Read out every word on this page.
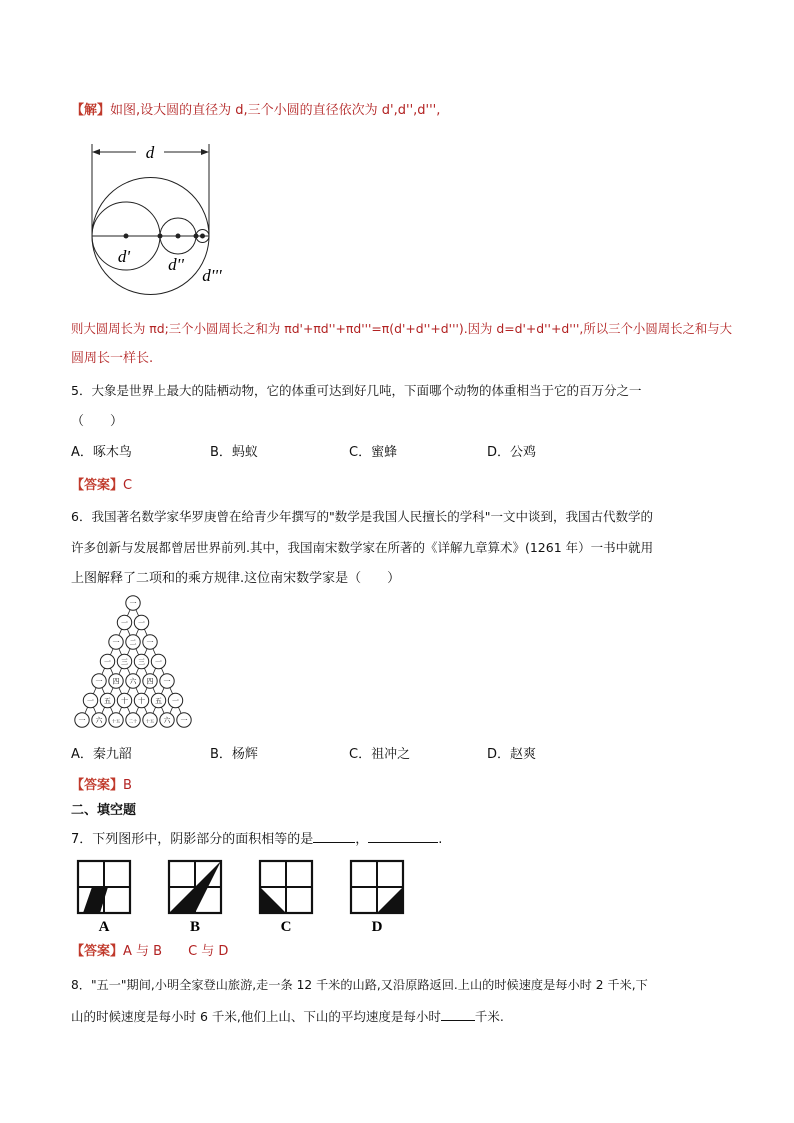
【解】如图,设大圆的直径为 d,三个小圆的直径依次为 d',d'',d''',
d
d' d''
d'''
则大圆周长为 πd;三个小圆周长之和为 πd'+πd''+πd'''=π(d'+d''+d''').因为 d=d'+d''+d''',所以三个小圆周长之和与大
圆周长一样长.
5．大象是世界上最大的陆栖动物，它的体重可达到好几吨，下面哪个动物的体重相当于它的百万分之一
（　　）
A．啄木鸟	B．蚂蚁	C．蜜蜂	D．公鸡
【答案】C
6．我国著名数学家华罗庚曾在给青少年撰写的"数学是我国人民擅长的学科"一文中谈到，我国古代数学的
许多创新与发展都曾居世界前列.其中，我国南宋数学家在所著的《详解九章算术》(1261 年）一书中就用
上图解释了二项和的乘方规律.这位南宋数学家是（　　）
一
一 一
一 二 一
一 三 三 一
一 四 六 四 一
一 五 十 十 五 一
一 六 十五 二十 十五 六 一
A．秦九韶	B．杨辉	C．祖冲之	D．赵爽
【答案】B
二、填空题
7．下列图形中，阴影部分的面积相等的是	，	.
A	B	C	D
【答案】A 与 B　　C 与 D
8．"五一"期间,小明全家登山旅游,走一条 12 千米的山路,又沿原路返回.上山的时候速度是每小时 2 千米,下
山的时候速度是每小时 6 千米,他们上山、下山的平均速度是每小时	千米.
